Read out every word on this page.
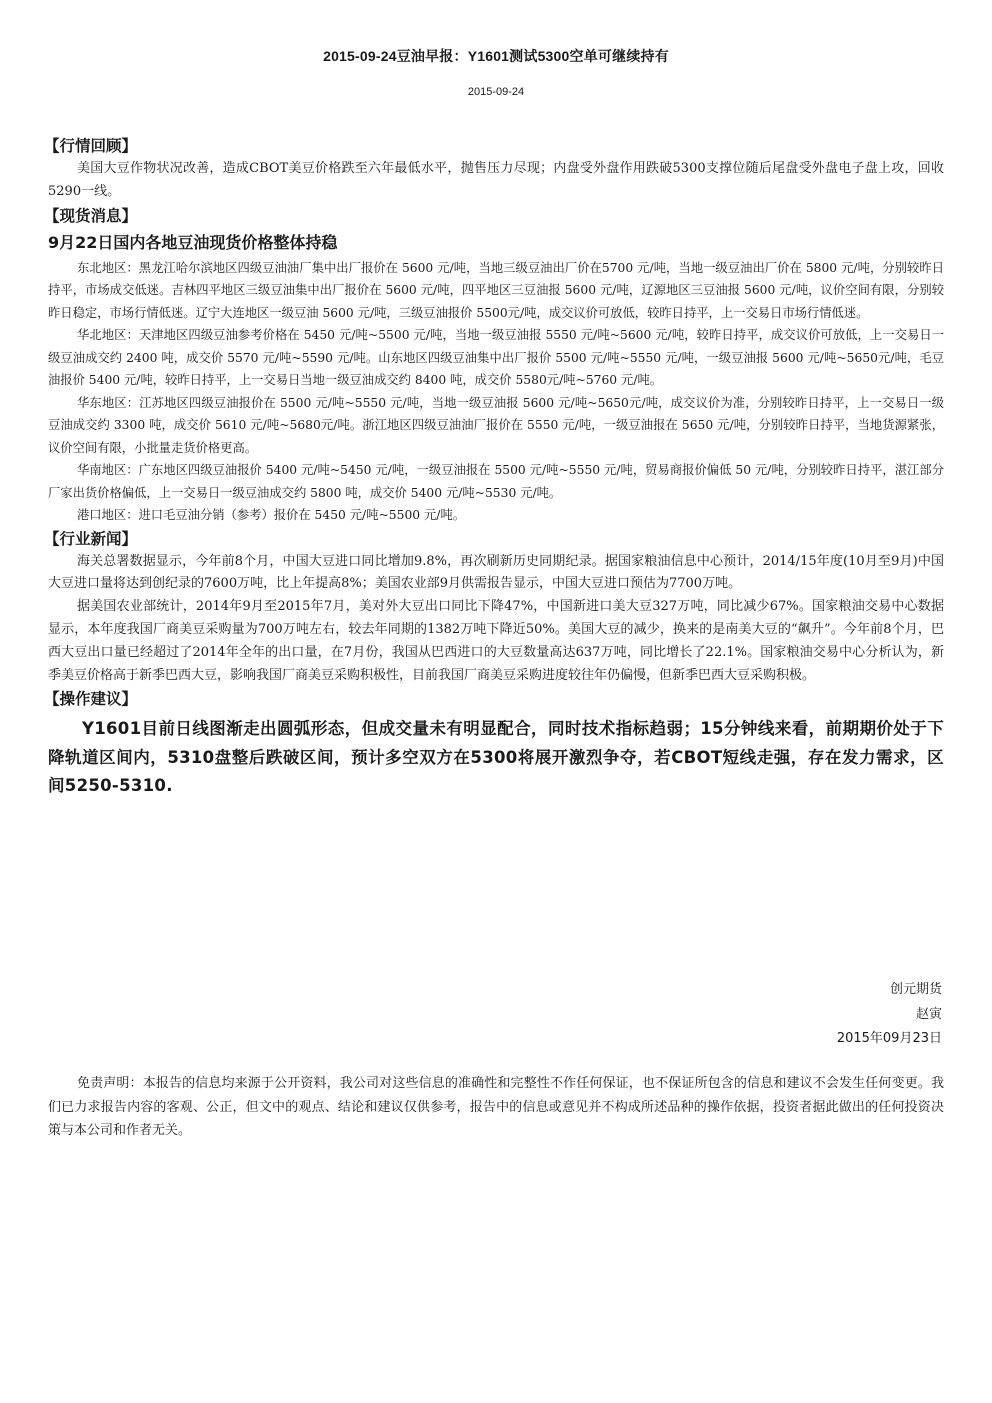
2015-09-24豆油早报：Y1601测试5300空单可继续持有
2015-09-24
【行情回顾】

美国大豆作物状况改善，造成CBOT美豆价格跌至六年最低水平，抛售压力尽现；内盘受外盘作用跌破5300支撑位随后尾盘受外盘电子盘上攻，回收5290一线。

【现货消息】
9月22日国内各地豆油现货价格整体持稳

东北地区：黑龙江哈尔滨地区四级豆油油厂集中出厂报价在 5600 元/吨，当地三级豆油出厂价在5700 元/吨，当地一级豆油出厂价在 5800 元/吨，分别较昨日持平，市场成交低迷。吉林四平地区三级豆油集中出厂报价在 5600 元/吨，四平地区三豆油报 5600 元/吨，辽源地区三豆油报 5600 元/吨，议价空间有限，分别较昨日稳定，市场行情低迷。辽宁大连地区一级豆油 5600 元/吨，三级豆油报价 5500元/吨，成交议价可放低，较昨日持平，上一交易日市场行情低迷。

华北地区：天津地区四级豆油参考价格在 5450 元/吨~5500 元/吨，当地一级豆油报 5550 元/吨~5600 元/吨，较昨日持平，成交议价可放低，上一交易日一级豆油成交约 2400 吨，成交价 5570 元/吨~5590 元/吨。山东地区四级豆油集中出厂报价 5500 元/吨~5550 元/吨，一级豆油报 5600 元/吨~5650元/吨，毛豆油报价 5400 元/吨，较昨日持平，上一交易日当地一级豆油成交约 8400 吨，成交价 5580元/吨~5760 元/吨。

华东地区：江苏地区四级豆油报价在 5500 元/吨~5550 元/吨，当地一级豆油报 5600 元/吨~5650元/吨，成交议价为准，分别较昨日持平，上一交易日一级豆油成交约 3300 吨，成交价 5610 元/吨~5680元/吨。浙江地区四级豆油油厂报价在 5550 元/吨，一级豆油报在 5650 元/吨，分别较昨日持平，当地货源紧张，议价空间有限，小批量走货价格更高。

华南地区：广东地区四级豆油报价 5400 元/吨~5450 元/吨，一级豆油报在 5500 元/吨~5550 元/吨，贸易商报价偏低 50 元/吨，分别较昨日持平，湛江部分厂家出货价格偏低，上一交易日一级豆油成交约 5800 吨，成交价 5400 元/吨~5530 元/吨。

港口地区：进口毛豆油分销（参考）报价在 5450 元/吨~5500 元/吨。

【行业新闻】

海关总署数据显示，今年前8个月，中国大豆进口同比增加9.8%，再次刷新历史同期纪录。据国家粮油信息中心预计，2014/15年度(10月至9月)中国大豆进口量将达到创纪录的7600万吨，比上年提高8%；美国农业部9月供需报告显示，中国大豆进口预估为7700万吨。

据美国农业部统计，2014年9月至2015年7月，美对外大豆出口同比下降47%，中国新进口美大豆327万吨，同比减少67%。国家粮油交易中心数据显示，本年度我国厂商美豆采购量为700万吨左右，较去年同期的1382万吨下降近50%。美国大豆的减少，换来的是南美大豆的“飙升”。今年前8个月，巴西大豆出口量已经超过了2014年全年的出口量，在7月份，我国从巴西进口的大豆数量高达637万吨，同比增长了22.1%。国家粮油交易中心分析认为，新季美豆价格高于新季巴西大豆，影响我国厂商美豆采购积极性，目前我国厂商美豆采购进度较往年仍偏慢，但新季巴西大豆采购积极。

【操作建议】

Y1601目前日线图渐走出圆弧形态，但成交量未有明显配合，同时技术指标趋弱；15分钟线来看，前期期价处于下降轨道区间内，5310盘整后跌破区间，预计多空双方在5300将展开激烈争夺，若CBOT短线走强，存在发力需求，区间5250-5310.

创元期货
赵寅
2015年09月23日

免责声明：本报告的信息均来源于公开资料，我公司对这些信息的准确性和完整性不作任何保证，也不保证所包含的信息和建议不会发生任何变更。我们已力求报告内容的客观、公正，但文中的观点、结论和建议仅供参考，报告中的信息或意见并不构成所述品种的操作依据，投资者据此做出的任何投资决策与本公司和作者无关。
